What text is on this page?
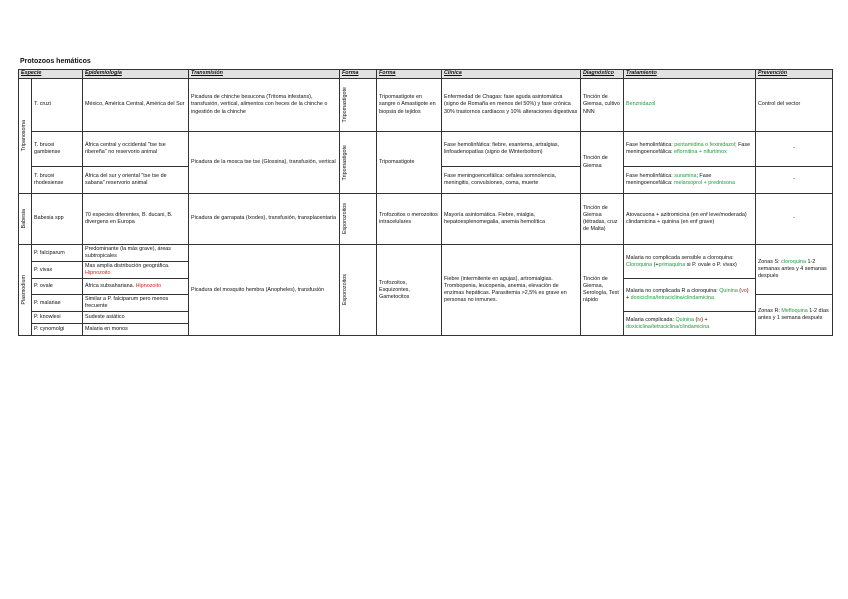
Protozoos hemáticos
Especie		Epidemiología	Transmisión	Forma	Forma	Clínica	Diagnóstico	Tratamiento	Prevención

Tripanosoma	T. cruzi	México, América Central, América del Sur	Picadura de chinche besucona (Tritoma infestans), transfusión, vertical, alimentos con heces de la chinche o ingestión de la chinche	Tripomastigote	Tripomastigote en sangre o Amastigote en biopsia de tejidos	Enfermedad de Chagas: fase aguda asintomática (signo de Romaña en menos del 50%) y fase crónica 30% trastornos cardiacos y 10% alteraciones digestivas	Tinción de Giemsa, cultivo NNN	Benznidazol	Control del vector
	T. brucei gambiense	África central y occidental "tse tse ribereña" no reservorio animal	Picadura de la mosca tse tse (Glossina), transfusión, vertical	Tripomastigote	Tripomastigote	Fase hemolinfática: fiebre, exantema, artralgias, linfoadenopatías (signo de Winterbottom)	Tinción de Giemsa	Fase hemolinfática: pentamidina o fexinidazol; Fase meningoencefálica: eflornitina + nifurtimox	-
	T. brucei rhodesiense	África del sur y oriental "tse tse de sabana" reservorio animal				Fase meningoencefálica: cefalea somnolencia, meningitis, convulsiones, coma, muerte		Fase hemolinfática: suramina; Fase meningoencefálica: melarsoprol + prednisona	-

Babesia	Babesia spp	70 especies diferentes, B. ducani, B. divergens en Europa	Picadura de garrapata (Ixodes), transfusión, transplacentaria	Esporozoitos	Trofozoitos o merozoitos intracelulares	Mayoría asintomática. Fiebre, mialgia, hepatoesplenomegalia, anemia hemolítica	Tinción de Giemsa (tétradas, cruz de Malta)	Atovacuona + azitromicina (en enf leve/moderada) clindamicina + quinina (en enf grave)	-

Plasmodium	P. falciparum	Predominante (la más grave), áreas subtropicales	Picadura del mosquito hembra (Anopheles), transfusión	Esporozoitos	Trofozoitos, Esquizontes, Gametocitos	Fiebre (intermitente en agujas), artromialgias. Trombopenia, leucopenia, anemia, elevación de enzimas hepáticas. Parasitemia >2,5% es grave en personas no inmunes.	Tinción de Giemsa, Serología, Test rápido	Malaria no complicada sensible a cloroquina: Cloroquina (+primaquina si P. ovale o P. vivax)	Zonas S: cloroquina 1-2 semanas antes y 4 semanas después
	P. vivax	Mas amplia distribución geográfica. Hipnozoito							
	P. ovale	África subsahariana. Hipnozoito						Malaria no complicada R a cloroquina: Quinina (vo) + doxiciclina/tetraciclina/clindamicina	
	P. malariae	Similar a P. falciparum pero menos frecuente							Zonas R: Mefloquina 1-2 días antes y 1 semana después
	P. knowlesi	Sudeste asiático						Malaria complicada: Quinina (iv) + doxiciclina/tetraciclina/clindamicina	
	P. cynomolgi	Malaria en monos							
